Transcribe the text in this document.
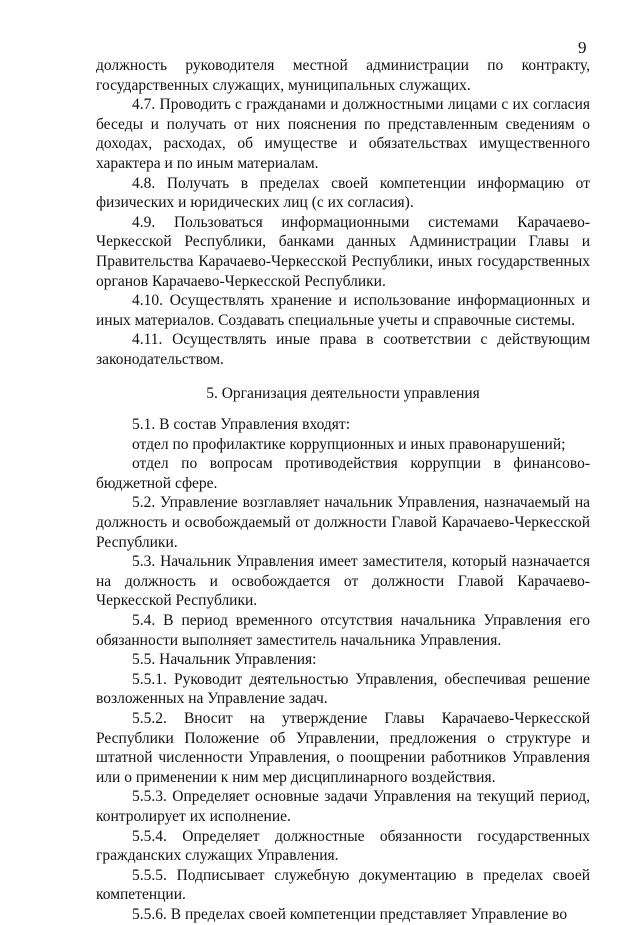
9

должность руководителя местной администрации по контракту, государственных служащих, муниципальных служащих.

4.7. Проводить с гражданами и должностными лицами с их согласия беседы и получать от них пояснения по представленным сведениям о доходах, расходах, об имуществе и обязательствах имущественного характера и по иным материалам.

4.8. Получать в пределах своей компетенции информацию от физических и юридических лиц (с их согласия).

4.9. Пользоваться информационными системами Карачаево-Черкесской Республики, банками данных Администрации Главы и Правительства Карачаево-Черкесской Республики, иных государственных органов Карачаево-Черкесской Республики.

4.10. Осуществлять хранение и использование информационных и иных материалов. Создавать специальные учеты и справочные системы.

4.11. Осуществлять иные права в соответствии с действующим законодательством.

5. Организация деятельности управления

5.1. В состав Управления входят:

отдел по профилактике коррупционных и иных правонарушений;

отдел по вопросам противодействия коррупции в финансово-бюджетной сфере.

5.2. Управление возглавляет начальник Управления, назначаемый на должность и освобождаемый от должности Главой Карачаево-Черкесской Республики.

5.3. Начальник Управления имеет заместителя, который назначается на должность и освобождается от должности Главой Карачаево-Черкесской Республики.

5.4. В период временного отсутствия начальника Управления его обязанности выполняет заместитель начальника Управления.

5.5. Начальник Управления:

5.5.1. Руководит деятельностью Управления, обеспечивая решение возложенных на Управление задач.

5.5.2. Вносит на утверждение Главы Карачаево-Черкесской Республики Положение об Управлении, предложения о структуре и штатной численности Управления, о поощрении работников Управления или о применении к ним мер дисциплинарного воздействия.

5.5.3. Определяет основные задачи Управления на текущий период, контролирует их исполнение.

5.5.4. Определяет должностные обязанности государственных гражданских служащих Управления.

5.5.5. Подписывает служебную документацию в пределах своей компетенции.

5.5.6. В пределах своей компетенции представляет Управление во
